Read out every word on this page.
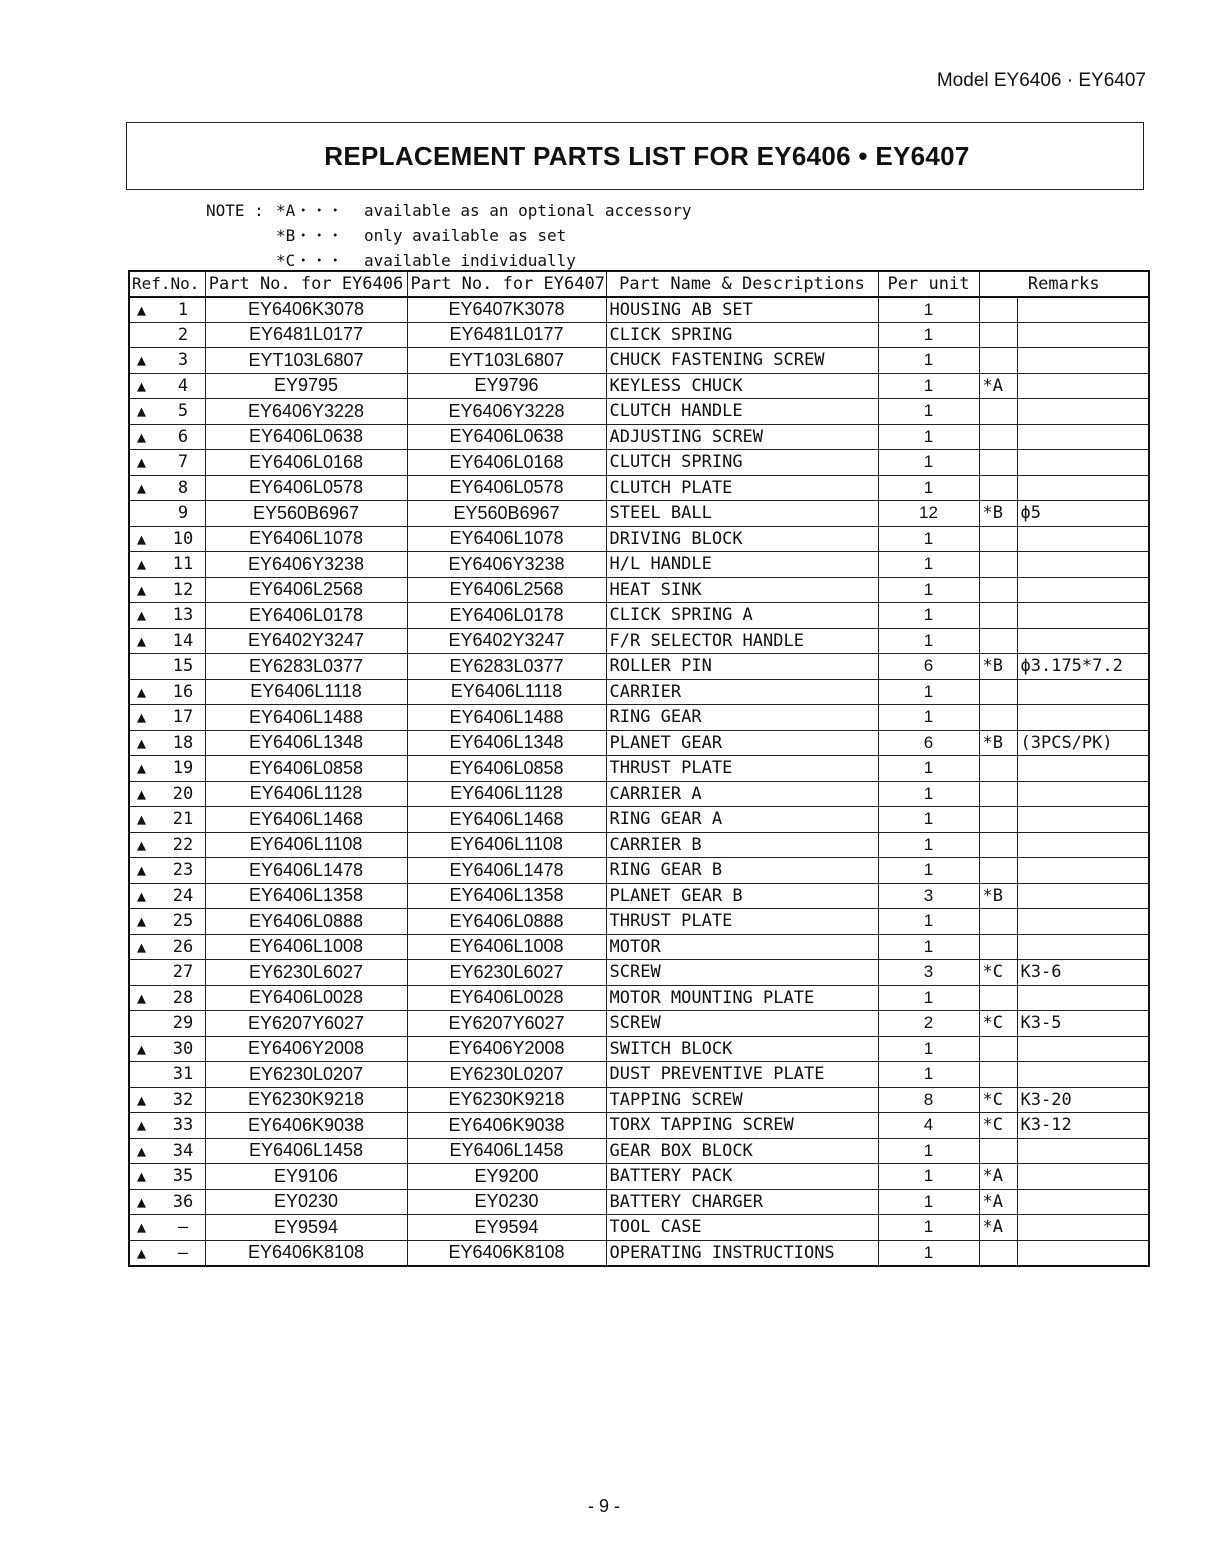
Model EY6406 · EY6407
REPLACEMENT PARTS LIST FOR EY6406 • EY6407
NOTE : *A・・・	available as an optional accessory
*B・・・	only available as set
*C・・・	available individually
Ref.No.	Part No. for EY6406	Part No. for EY6407	Part Name & Descriptions	Per unit	Remarks	
▲ 1	EY6406K3078	EY6407K3078	HOUSING AB SET	1		
2	EY6481L0177	EY6481L0177	CLICK SPRING	1		
▲ 3	EYT103L6807	EYT103L6807	CHUCK FASTENING SCREW	1		
▲ 4	EY9795	EY9796	KEYLESS CHUCK	1	*A	
▲ 5	EY6406Y3228	EY6406Y3228	CLUTCH HANDLE	1		
▲ 6	EY6406L0638	EY6406L0638	ADJUSTING SCREW	1		
▲ 7	EY6406L0168	EY6406L0168	CLUTCH SPRING	1		
▲ 8	EY6406L0578	EY6406L0578	CLUTCH PLATE	1		
9	EY560B6967	EY560B6967	STEEL BALL	12	*B	ϕ5
▲ 10	EY6406L1078	EY6406L1078	DRIVING BLOCK	1		
▲ 11	EY6406Y3238	EY6406Y3238	H/L HANDLE	1		
▲ 12	EY6406L2568	EY6406L2568	HEAT SINK	1		
▲ 13	EY6406L0178	EY6406L0178	CLICK SPRING A	1		
▲ 14	EY6402Y3247	EY6402Y3247	F/R SELECTOR HANDLE	1		
15	EY6283L0377	EY6283L0377	ROLLER PIN	6	*B	ϕ3.175*7.2
▲ 16	EY6406L1118	EY6406L1118	CARRIER	1		
▲ 17	EY6406L1488	EY6406L1488	RING GEAR	1		
▲ 18	EY6406L1348	EY6406L1348	PLANET GEAR	6	*B	(3PCS/PK)
▲ 19	EY6406L0858	EY6406L0858	THRUST PLATE	1		
▲ 20	EY6406L1128	EY6406L1128	CARRIER A	1		
▲ 21	EY6406L1468	EY6406L1468	RING GEAR A	1		
▲ 22	EY6406L1108	EY6406L1108	CARRIER B	1		
▲ 23	EY6406L1478	EY6406L1478	RING GEAR B	1		
▲ 24	EY6406L1358	EY6406L1358	PLANET GEAR B	3	*B	
▲ 25	EY6406L0888	EY6406L0888	THRUST PLATE	1		
▲ 26	EY6406L1008	EY6406L1008	MOTOR	1		
27	EY6230L6027	EY6230L6027	SCREW	3	*C	K3-6
▲ 28	EY6406L0028	EY6406L0028	MOTOR MOUNTING PLATE	1		
29	EY6207Y6027	EY6207Y6027	SCREW	2	*C	K3-5
▲ 30	EY6406Y2008	EY6406Y2008	SWITCH BLOCK	1		
31	EY6230L0207	EY6230L0207	DUST PREVENTIVE PLATE	1		
▲ 32	EY6230K9218	EY6230K9218	TAPPING SCREW	8	*C	K3-20
▲ 33	EY6406K9038	EY6406K9038	TORX TAPPING SCREW	4	*C	K3-12
▲ 34	EY6406L1458	EY6406L1458	GEAR BOX BLOCK	1		
▲ 35	EY9106	EY9200	BATTERY PACK	1	*A	
▲ 36	EY0230	EY0230	BATTERY CHARGER	1	*A	
▲ –	EY9594	EY9594	TOOL CASE	1	*A	
▲ –	EY6406K8108	EY6406K8108	OPERATING INSTRUCTIONS	1		
- 9 -
